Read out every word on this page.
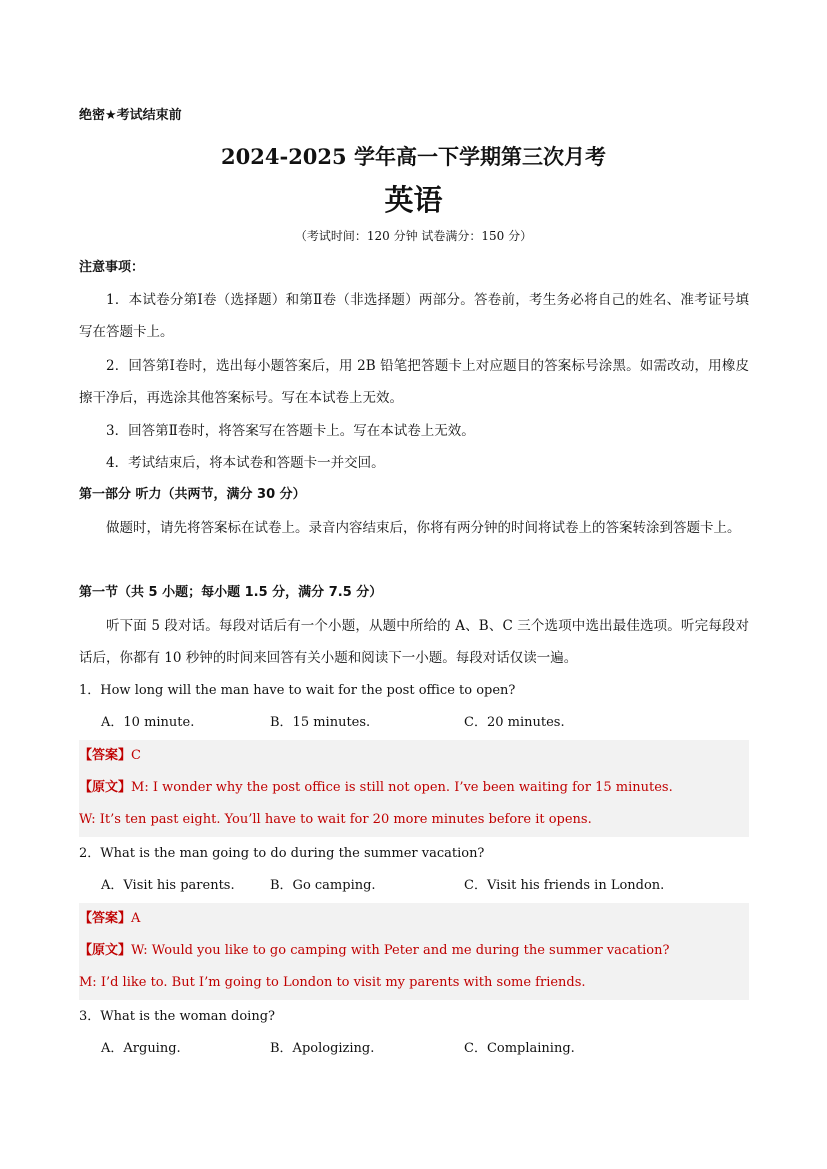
绝密★考试结束前
2024-2025 学年高一下学期第三次月考
英语
（考试时间：120 分钟 试卷满分：150 分）
注意事项：
1．本试卷分第Ⅰ卷（选择题）和第Ⅱ卷（非选择题）两部分。答卷前，考生务必将自己的姓名、准考证号填写在答题卡上。
2．回答第Ⅰ卷时，选出每小题答案后，用 2B 铅笔把答题卡上对应题目的答案标号涂黑。如需改动，用橡皮擦干净后，再选涂其他答案标号。写在本试卷上无效。
3．回答第Ⅱ卷时，将答案写在答题卡上。写在本试卷上无效。
4．考试结束后，将本试卷和答题卡一并交回。
第一部分 听力（共两节，满分 30 分）
做题时，请先将答案标在试卷上。录音内容结束后，你将有两分钟的时间将试卷上的答案转涂到答题卡上。
第一节（共 5 小题；每小题 1.5 分，满分 7.5 分）
听下面 5 段对话。每段对话后有一个小题，从题中所给的 A、B、C 三个选项中选出最佳选项。听完每段对话后，你都有 10 秒钟的时间来回答有关小题和阅读下一小题。每段对话仅读一遍。
1．How long will the man have to wait for the post office to open?
A．10 minute.	B．15 minutes.	C．20 minutes.
【答案】C
【原文】M: I wonder why the post office is still not open. I’ve been waiting for 15 minutes.
W: It’s ten past eight. You’ll have to wait for 20 more minutes before it opens.
2．What is the man going to do during the summer vacation?
A．Visit his parents.	B．Go camping.	C．Visit his friends in London.
【答案】A
【原文】W: Would you like to go camping with Peter and me during the summer vacation?
M: I’d like to. But I’m going to London to visit my parents with some friends.
3．What is the woman doing?
A．Arguing.	B．Apologizing.	C．Complaining.
